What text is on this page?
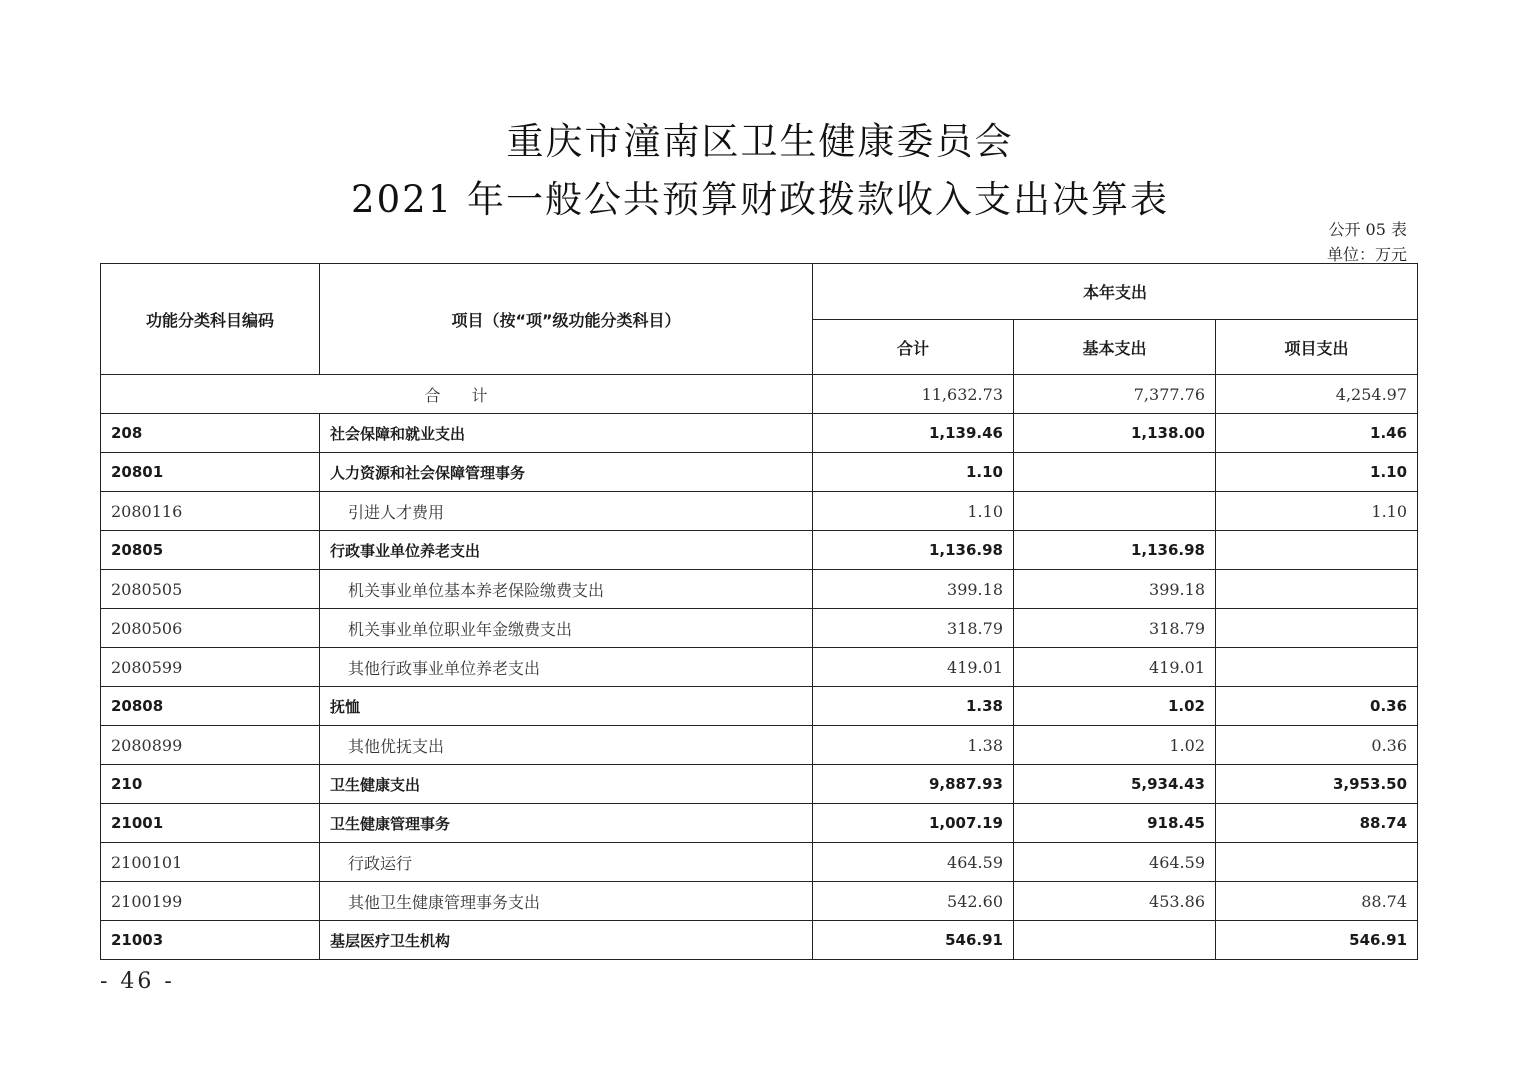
重庆市潼南区卫生健康委员会
2021 年一般公共预算财政拨款收入支出决算表
公开 05 表
单位：万元
功能分类科目编码	项目（按“项”级功能分类科目）	本年支出		
		合计	基本支出	项目支出
合 计		11,632.73	7,377.76	4,254.97
208	社会保障和就业支出	1,139.46	1,138.00	1.46
20801	人力资源和社会保障管理事务	1.10		1.10
2080116	引进人才费用	1.10		1.10
20805	行政事业单位养老支出	1,136.98	1,136.98	
2080505	机关事业单位基本养老保险缴费支出	399.18	399.18	
2080506	机关事业单位职业年金缴费支出	318.79	318.79	
2080599	其他行政事业单位养老支出	419.01	419.01	
20808	抚恤	1.38	1.02	0.36
2080899	其他优抚支出	1.38	1.02	0.36
210	卫生健康支出	9,887.93	5,934.43	3,953.50
21001	卫生健康管理事务	1,007.19	918.45	88.74
2100101	行政运行	464.59	464.59	
2100199	其他卫生健康管理事务支出	542.60	453.86	88.74
21003	基层医疗卫生机构	546.91		546.91
- 46 -
